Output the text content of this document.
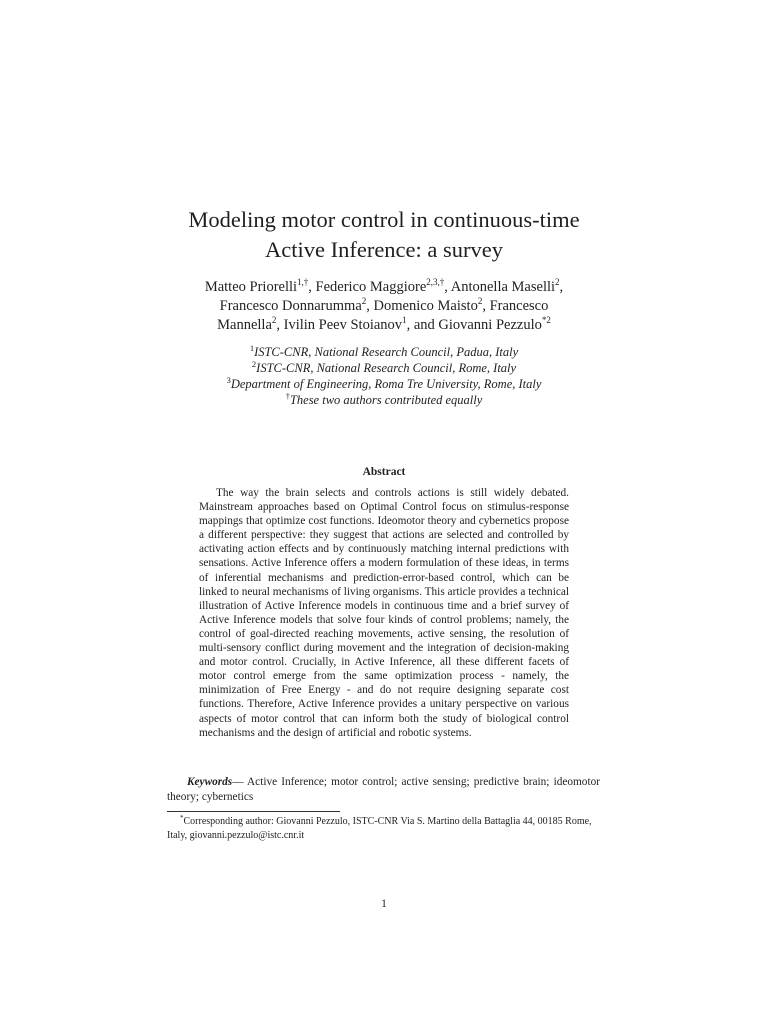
Modeling motor control in continuous-time
Active Inference: a survey
Matteo Priorelli$^{1,\dagger}$, Federico Maggiore$^{2,3,\dagger}$, Antonella Maselli$^2$,
Francesco Donnarumma$^2$, Domenico Maisto$^2$, Francesco
Mannella$^2$, Ivilin Peev Stoianov$^1$, and Giovanni Pezzulo$^{*2}$
$^1$ISTC-CNR, National Research Council, Padua, Italy
$^2$ISTC-CNR, National Research Council, Rome, Italy
$^3$Department of Engineering, Roma Tre University, Rome, Italy
†These two authors contributed equally
Abstract

The way the brain selects and controls actions is still widely debated. Mainstream approaches based on Optimal Control focus on stimulus-response mappings that optimize cost functions. Ideomotor theory and cybernetics propose a different perspective: they suggest that actions are selected and controlled by activating action effects and by continuously matching internal predictions with sensations. Active Inference offers a modern formulation of these ideas, in terms of inferential mechanisms and prediction-error-based control, which can be linked to neural mechanisms of living organisms. This article provides a technical illustration of Active Inference models in continuous time and a brief survey of Active Inference models that solve four kinds of control problems; namely, the control of goal-directed reaching movements, active sensing, the resolution of multi-sensory conflict during movement and the integration of decision-making and motor control. Crucially, in Active Inference, all these different facets of motor control emerge from the same optimization process - namely, the minimization of Free Energy - and do not require designing separate cost functions. Therefore, Active Inference provides a unitary perspective on various aspects of motor control that can inform both the study of biological control mechanisms and the design of artificial and robotic systems.

Keywords— Active Inference; motor control; active sensing; predictive brain; ideomotor theory; cybernetics

*Corresponding author: Giovanni Pezzulo, ISTC-CNR Via S. Martino della Battaglia 44, 00185 Rome, Italy, giovanni.pezzulo@istc.cnr.it

1
